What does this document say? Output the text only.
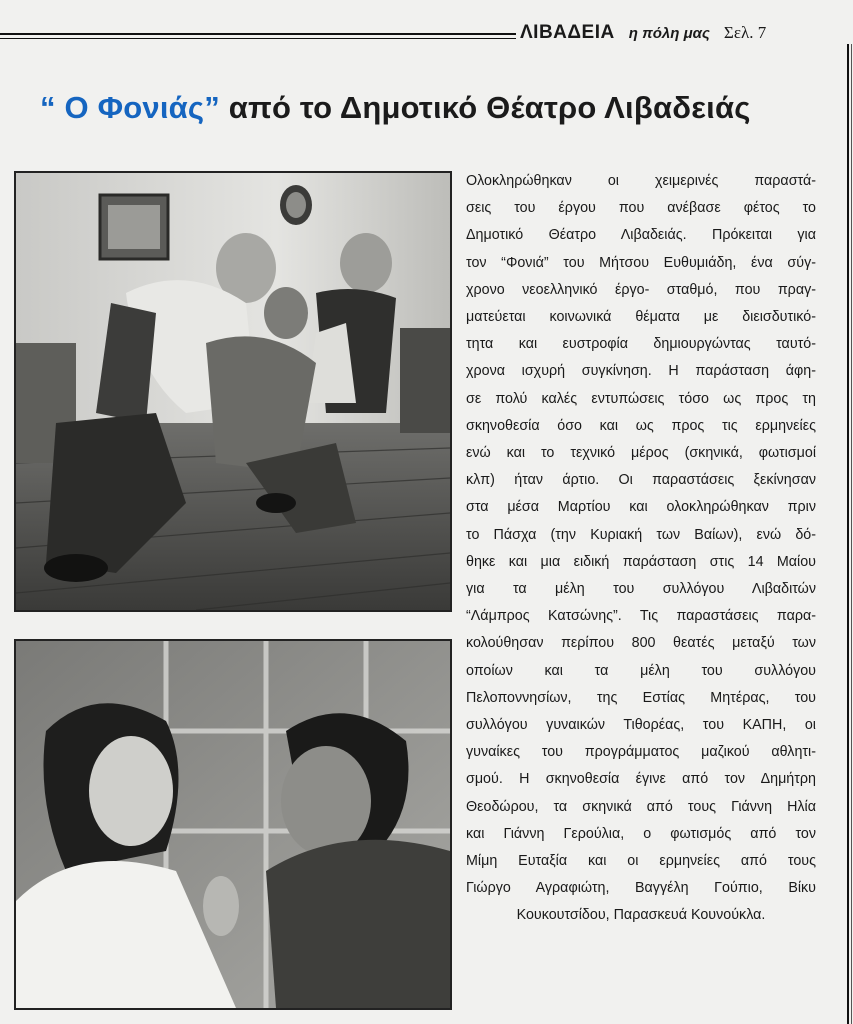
ΛΙΒΑΔΕΙΑ η πόλη μας Σελ. 7
“ Ο Φονιάς” από το Δημοτικό Θέατρο Λιβαδειάς

Ολοκληρώθηκαν οι χειμερινές παραστά-

σεις του έργου που ανέβασε φέτος το

Δημοτικό Θέατρο Λιβαδειάς. Πρόκειται για

τον “Φονιά” του Μήτσου Ευθυμιάδη, ένα σύγ-

χρονο νεοελληνικό έργο- σταθμό, που πραγ-

ματεύεται κοινωνικά θέματα με διεισδυτικό-

τητα και ευστροφία δημιουργώντας ταυτό-

χρονα ισχυρή συγκίνηση. Η παράσταση άφη-

σε πολύ καλές εντυπώσεις τόσο ως προς τη

σκηνοθεσία όσο και ως προς τις ερμηνείες

ενώ και το τεχνικό μέρος (σκηνικά, φωτισμοί

κλπ) ήταν άρτιο. Οι παραστάσεις ξεκίνησαν

στα μέσα Μαρτίου και ολοκληρώθηκαν πριν

το Πάσχα (την Κυριακή των Βαίων), ενώ δό-

θηκε και μια ειδική παράσταση στις 14 Μαίου

για τα μέλη του συλλόγου Λιβαδιτών

“Λάμπρος Κατσώνης”. Τις παραστάσεις παρα-

κολούθησαν περίπου 800 θεατές μεταξύ των

οποίων και τα μέλη του συλλόγου

Πελοποννησίων, της Εστίας Μητέρας, του

συλλόγου γυναικών Τιθορέας, του ΚΑΠΗ, οι

γυναίκες του προγράμματος μαζικού αθλητι-

σμού. Η σκηνοθεσία έγινε από τον Δημήτρη

Θεοδώρου, τα σκηνικά από τους Γιάννη Ηλία

και Γιάννη Γερούλια, ο φωτισμός από τον

Μίμη Ευταξία και οι ερμηνείες από τους

Γιώργο Αγραφιώτη, Βαγγέλη Γούπιο, Βίκυ

Κουκουτσίδου, Παρασκευά Κουνούκλα.
